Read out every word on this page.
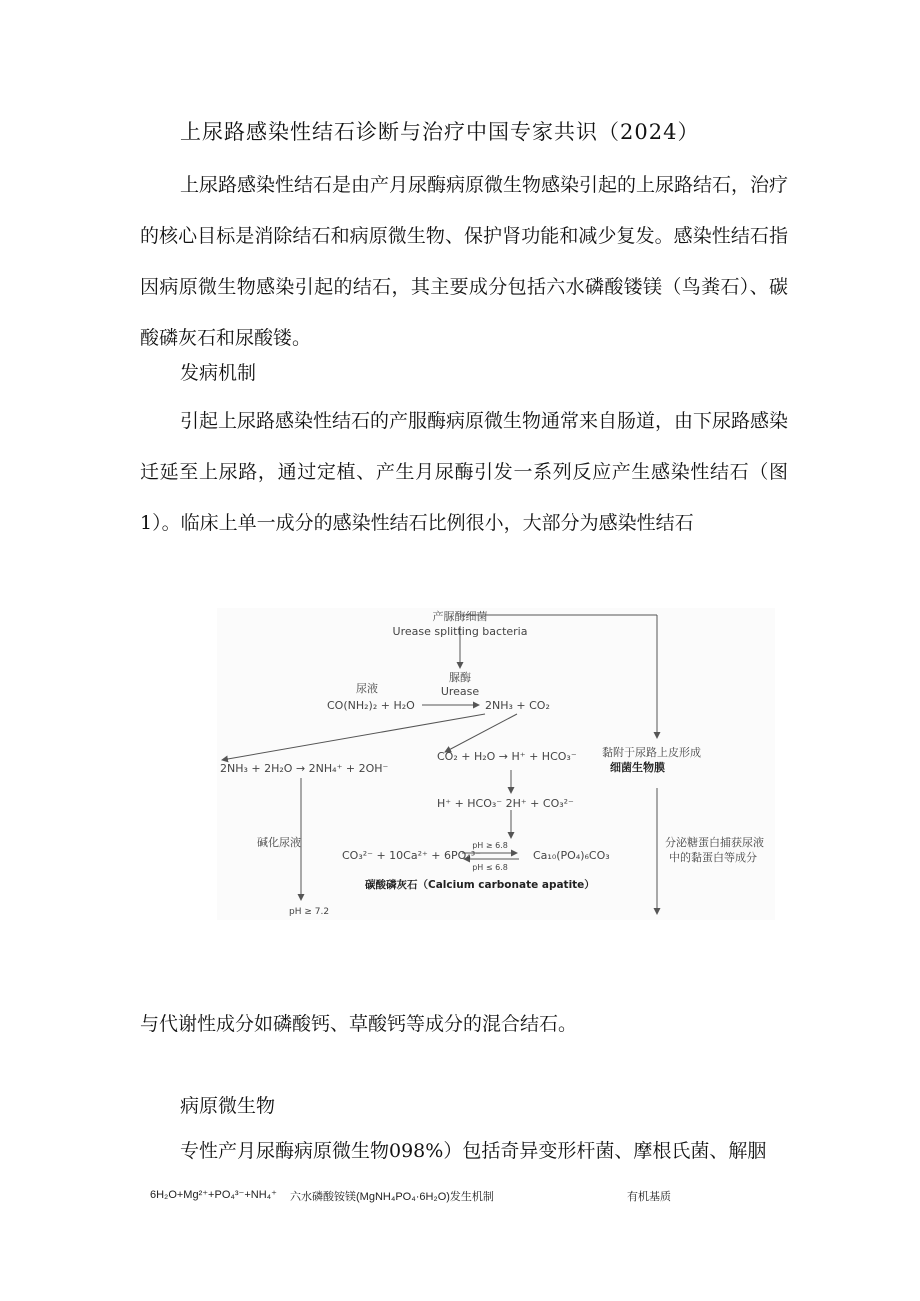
上尿路感染性结石诊断与治疗中国专家共识（2024）

上尿路感染性结石是由产月尿酶病原微生物感染引起的上尿路结石，治疗的核心目标是消除结石和病原微生物、保护肾功能和减少复发。感染性结石指因病原微生物感染引起的结石，其主要成分包括六水磷酸镂镁（鸟粪石）、碳酸磷灰石和尿酸镂。

发病机制

引起上尿路感染性结石的产服酶病原微生物通常来自肠道，由下尿路感染迁延至上尿路，通过定植、产生月尿酶引发一系列反应产生感染性结石（图1）。临床上单一成分的感染性结石比例很小，大部分为感染性结石

产脲酶细菌
Urease splitting bacteria
脲酶
Urease
尿液
CO(NH₂)₂ + H₂O	2NH₃ + CO₂
2NH₃ + 2H₂O → 2NH₄⁺ + 2OH⁻
CO₂ + H₂O → H⁺ + HCO₃⁻
H⁺ + HCO₃⁻ 2H⁺ + CO₃²⁻
碱化尿液
CO₃²⁻ + 10Ca²⁺ + 6PO₄³⁻
pH ≥ 6.8
pH ≤ 6.8
Ca₁₀(PO₄)₆CO₃
碳酸磷灰石（Calcium carbonate apatite）
pH ≥ 7.2
黏附于尿路上皮形成
细菌生物膜
分泌糖蛋白捕获尿液
中的黏蛋白等成分

与代谢性成分如磷酸钙、草酸钙等成分的混合结石。

病原微生物

专性产月尿酶病原微生物098%）包括奇异变形杆菌、摩根氏菌、解胭

6H₂O+Mg²⁺+PO₄³⁻+NH₄⁺ 六水磷酸铵镁(MgNH₄PO₄·6H₂O)发生机制	有机基质
